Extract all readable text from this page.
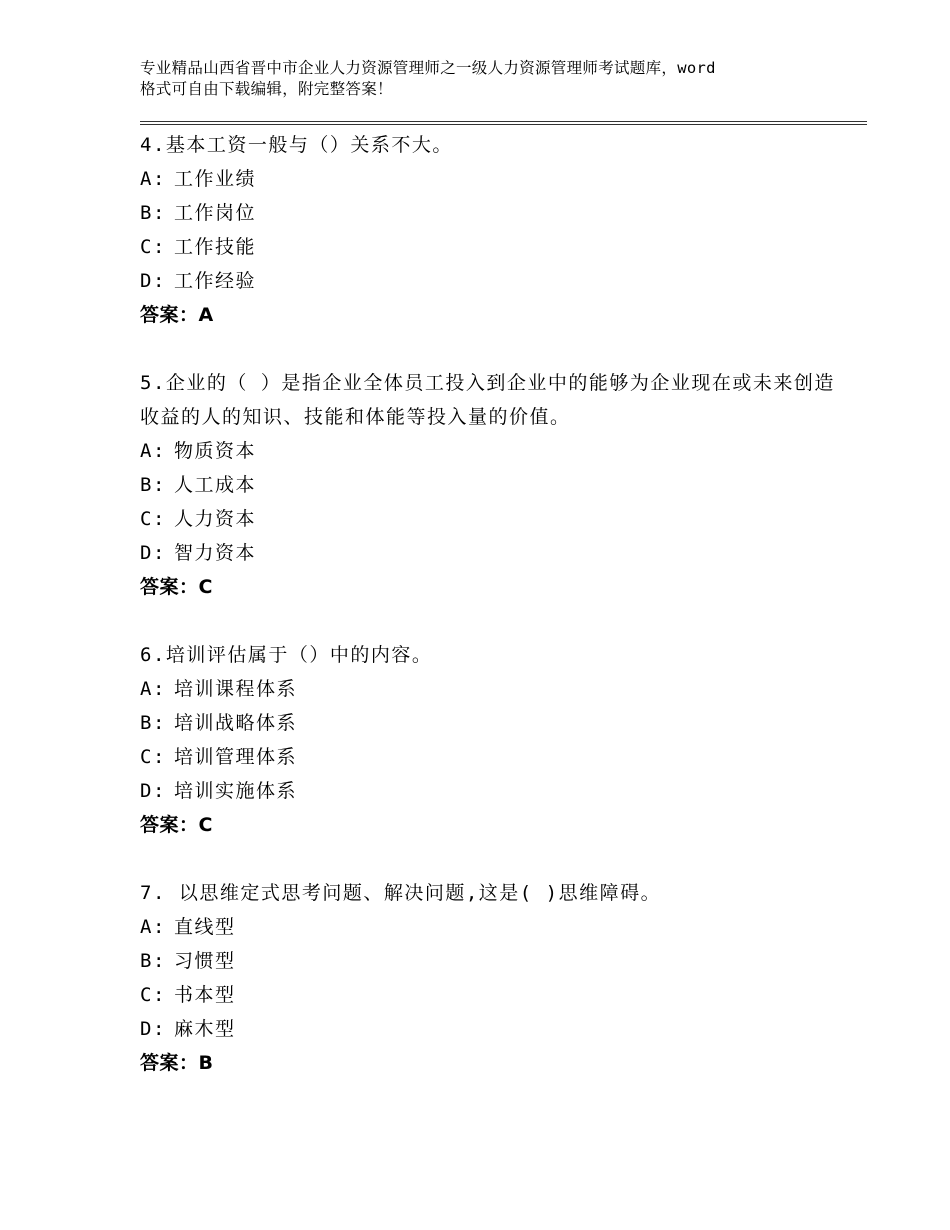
专业精品山西省晋中市企业人力资源管理师之一级人力资源管理师考试题库，word
格式可自由下载编辑，附完整答案！
4.基本工资一般与（）关系不大。
A: 工作业绩
B: 工作岗位
C: 工作技能
D: 工作经验
答案：A
5.企业的（ ）是指企业全体员工投入到企业中的能够为企业现在或未来创造收益的人的知识、技能和体能等投入量的价值。
A: 物质资本
B: 人工成本
C: 人力资本
D: 智力资本
答案：C
6.培训评估属于（）中的内容。
A: 培训课程体系
B: 培训战略体系
C: 培训管理体系
D: 培训实施体系
答案：C
7. 以思维定式思考问题、解决问题,这是( )思维障碍。
A: 直线型
B: 习惯型
C: 书本型
D: 麻木型
答案：B
